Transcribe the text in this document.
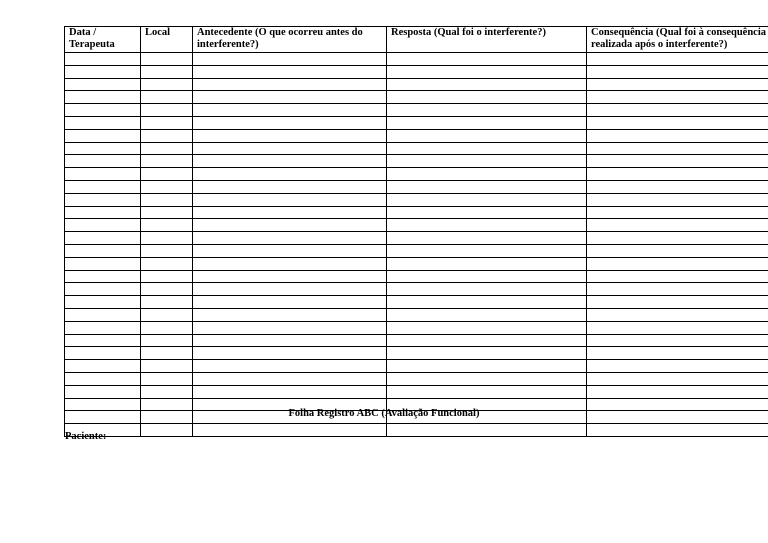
Data / Terapeuta	Local	Antecedente (O que ocorreu antes do interferente?)	Resposta (Qual foi o interferente?)	Consequência (Qual foi à consequência realizada após o interferente?)

Folha Registro ABC (Avaliação Funcional)
Paciente:
